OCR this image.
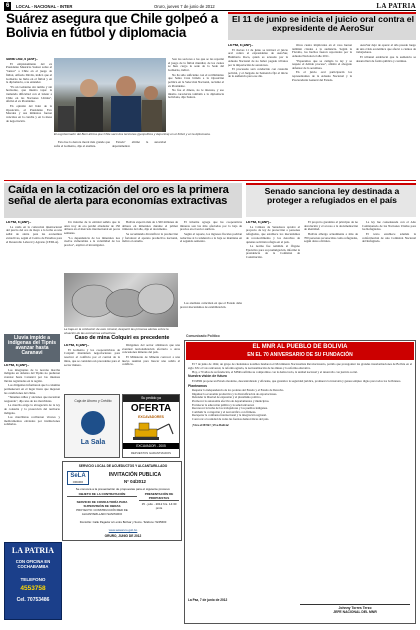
6	LOCAL - NACIONAL - INTER	Oruro, jueves 7 de junio de 2012	LA PATRIA
Suárez asegura que Chile golpeó a Bolivia en fútbol y diplomacia
Santa Cruz, 6 (ANF).-

El emplazamiento del ex Presidente Mauricio Suárez sobre el "lanzar" a Chile en el juego de fútbol, Alfredo Dávila, indicó que el Gobierno no hubo en el fútbol y en la diplomacia, a su entender.

"Es un Gobierno sin rumbo y sin horizonte, que intenta tapar la tremenda dificultad con el lanzar a Chile en las Naciones Unidas", afirmó el ex Presidente.

En opinión del líder de la Oposición, el Presidente Evo Morales y sus ministros fueron vencidos en la cancha y en la mesa de negociación.

Son los sectores a los que se les repartió el juego de la fútbol mundial, de los cuales se hizo cargo la sede de la Sede del Gobierno, indicó.

No ha sido suficiente con el recibimiento que Santa Cruz brindó a la Oposición política en la Selección Nacional, reclamó el ex Presidente.

No fue el dinero, no le interesa, y eso mismo caracteriza también a la diplomacia boliviana, dijo Suárez.

El exgobernador del Beni afirma que Chile sacó dos lecciones (geopolítica y deportiva) en el fútbol y en la diplomacia.

Esto fue la derrota moral más grande que sufre el Gobierno, dijo el analista.

Estado" afirmó la autoridad departamental.

El 11 de junio se inicia el juicio oral contra el expresidente de AeroSur
La Paz, 6 (ANF).-

El Jueves 11 de junio se iniciará el juicio oral contra el expresidente de AeroSur, Humberto Roca, quien es acusado por la Aduana Nacional de no haber pagado tributos por la importación de aeronaves.

El procesado será conducido con custodia policial, y el Juzgado de Sentencia fijó el inicio de la audiencia para ese día.

Otros cuatro implicados en el caso fueron también citados a la audiencia. Según la Fiscalía, los hechos fueron reportados por la Aduana Nacional el año 2011.

"Esperamos que se cumpla la ley y se respete el debido proceso", afirmó el abogado defensor de la aerolínea.

En el juicio oral participarán los representantes de la Aduana Nacional y la Procuraduría General del Estado.

AeroSur dejó de operar el año pasado luego de una crisis económica que afectó a cientos de trabajadores.

El tribunal estableció que la audiencia se desarrollará de forma pública y continua.

Caída en la cotización del oro es la primera señal de alerta para economías extractivas
La Paz, 6 (ANF).-

La caída en la cotización internacional del precio del oro de mayo a la fecha es una señal de alerta para las economías extractivas, según el Centro de Estudios para el Desarrollo Laboral y Agrario (CEDLA).

Un informe de la entidad señala que la onza troy de oro perdió alrededor de 150 dólares en el mercado internacional en pocas semanas.

"La dependencia de los minerales nos vuelve vulnerables a la volatilidad de los precios", explicó el investigador.

Bolivia exportó más de 1.500 millones de dólares en minerales durante el primer trimestre del año, dijo el documento.

Se recomienda diversificar la producción y fortalecer el aparato productivo nacional, indicó el estudio.

El informe agrega que las cooperativas mineras son las más afectadas por la baja de precios en el sector aurífero.

Según el reporte, los ingresos fiscales podrían reducirse si la tendencia a la baja se mantiene en el segundo semestre.

La baja en la cotización de este mineral, despertó las primeras alertas sobre la situación de las economías extractivas.

Los analistas coinciden en que el Estado debe prever mecanismos de estabilización.

Senado sanciona ley destinada a proteger a refugiados en el país
La Paz, 6 (ANF).-

La Cámara de Senadores aprobó el proyecto de ley de protección a personas refugiadas, que establece los mecanismos de reconocimiento y los derechos de quienes solicitan refugio en el país.

La norma fue remitida al Órgano Ejecutivo para su promulgación, informó la presidencia de la Comisión de Constitución.

El proyecto garantiza el principio de no devolución y el acceso a la documentación de identidad.

Bolivia alberga actualmente a más de 700 personas reconocidas como refugiadas, según datos oficiales.

La ley fue consensuada con el Alto Comisionado de las Naciones Unidas para los Refugiados.

El texto establece además la conformación de una Comisión Nacional del Refugiado.

Lluvia impide a indígenas del Tipnis avanzar hasta Caranavi
La Paz, 6 (ANF).-

Los integrantes de la novena marcha indígena en defensa del Tipnis no pudieron avanzar hasta Caranavi por las intensas lluvias registradas en la región.

Los dirigentes informaron que la columna permanecerá en el lugar hasta que mejoren las condiciones del clima.

"Tenemos niños y ancianos que necesitan resguardo", dijo uno de los marchistas.

La marcha exige la abrogación de la ley de consulta y la protección del territorio indígena.

Los marchistas recibieron víveres y medicamentos enviados por instituciones solidarias.

Caso de mina Colquiri es precedente
La Paz, 6 (ANF).-

El Gobierno y los cooperativistas de Colquiri mantienen negociaciones para resolver el conflicto por el control de la mina, que se considera un precedente para el sector minero.

Dirigentes del sector afirmaron que una eventual nacionalización afectaría a otras concesiones mineras del país.

El Ministerio de Minería convocó a una nueva reunión para buscar una salida al conflicto.

Caja de Ahorro y Crédito
La Sala
Su pedido ya
OFERTA
EXCAVADORES
EXCAVADOR - 2005
REPUESTOS GARANTIZADOS
SERVICIO LOCAL DE ACUEDUCTOS Y ALCANTARILLADO
SeLA
ORURO
INVITACIÓN PUBLICA
N° 04/2012
Se convoca a la presentación de propuestas para el siguiente proceso:
OBJETO DE LA CONTRATACIÓN	PRESENTACIÓN DE PROPUESTAS
SERVICIO DE CONSULTORÍA PARA SUPERVISIÓN DE OBRAS
PROYECTO: CONSTRUCCIÓN RED DE ALCANTARILLADO SANITARIO
15 - julio - 2012 hrs. 14:30 pmts
Domicilio: Calle Pagador s/n entre Bolívar y Sucre. Teléfono: 5245600
www.selaoruro.gob.bo
ORURO, JUNIO DE 2012
LA PATRIA
CON OFICINA EN COCHABAMBA
TELEFONO
4553758
Cel. 70753486
Comunicado Político
EL MNR AL PUEBLO DE BOLIVIA
EN EL 70 ANIVERSARIO DE SU FUNDACIÓN

El 7 de junio de 1942, un grupo de ciudadanos notables fundaron el Movimiento Nacionalista Revolucionario, partido que protagonizó las grandes transformaciones de Bolivia en el siglo XX: el voto universal, la reforma agraria, la nacionalización de las minas y la reforma educativa.

Hoy, a 70 años de su fundación, el MNR reafirma su compromiso con la democracia, la unidad nacional y el desarrollo con justicia social.

Nuestra visión de futuro

El MNR propone un Estado moderno, descentralizado y eficiente, que garantice la seguridad jurídica, promueva la inversión y genere empleo digno para todos los bolivianos.

Planteamos
Respetar la independencia de los poderes del Estado y el Estado de Derecho.
Impulsar la economía productiva y la diversificación de exportaciones.
Defender la libertad de expresión y el pluralismo político.
Promover la autonomía efectiva de departamentos y municipios.
Fortalecer la educación pública y la salud universal.
Reconocer la lucha de los trabajadores y los pueblos indígenas.
Combatir la corrupción y el narcotráfico con firmeza.
Recuperar la confianza internacional y la integración regional.
Convocar a la unidad de todas las fuerzas democráticas del país.

¡Viva el MNR! ¡Viva Bolivia!

La Paz, 7 de junio de 2012
Johnny Torres Terzo
JEFE NACIONAL DEL MNR
